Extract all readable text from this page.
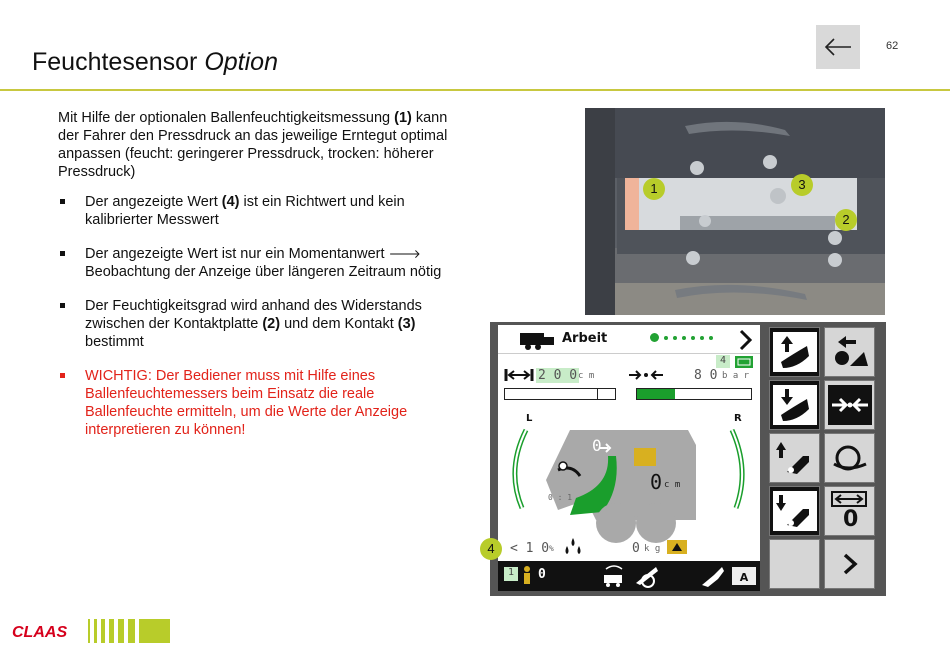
Feuchtesensor Option
62

Mit Hilfe der optionalen Ballenfeuchtigkeitsmessung (1) kann der Fahrer den Pressdruck an das jeweilige Erntegut optimal anpassen (feucht: geringerer Pressdruck, trocken: höherer Pressdruck)

Der angezeigte Wert (4) ist ein Richtwert und kein kalibrierter Messwert
Der angezeigte Wert ist nur ein Momentanwert 🡒 Beobachtung der Anzeige über längeren Zeitraum nötig
Der Feuchtigkeitsgrad wird anhand des Widerstands zwischen der Kontaktplatte (2) und dem Kontakt (3) bestimmt
WICHTIG: Der Bediener muss mit Hilfe eines Ballenfeuchtemessers beim Einsatz die reale Ballenfeuchte ermitteln, um die Werte der Anzeige interpretieren zu können!
1	3
2
Arbeit
4
2 0 0 c m	8 0 b a r
L	R
0
0 c m
0 : 1
< 1 0 %	0 k g
1	0	A
0
4
CLAAS
